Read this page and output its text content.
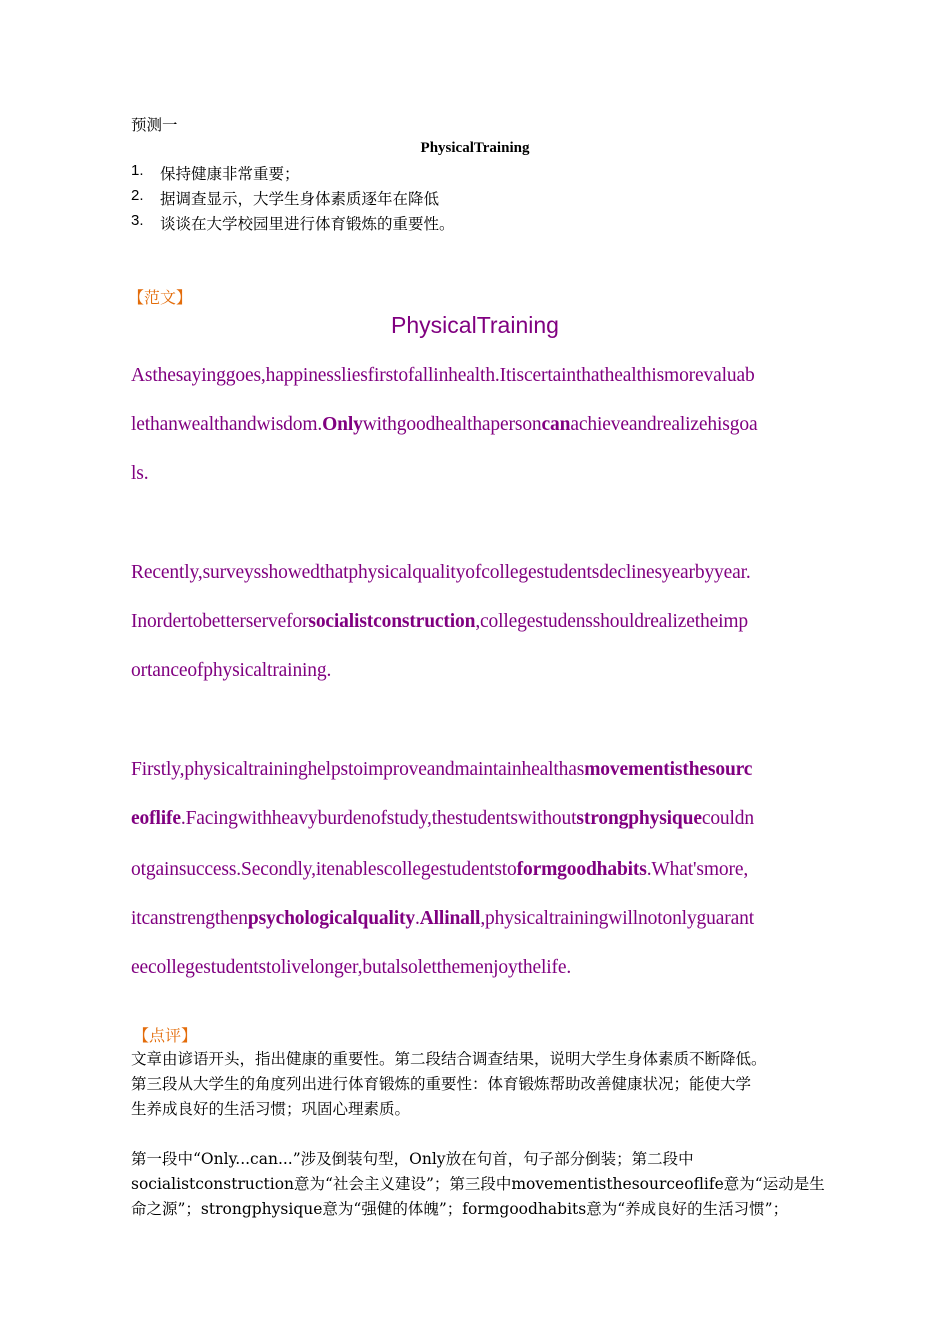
预测一
PhysicalTraining
1. 保持健康非常重要；
2. 据调查显示，大学生身体素质逐年在降低
3. 谈谈在大学校园里进行体育锻炼的重要性。
【范文】
PhysicalTraining
Asthesayinggoes,happinessliesfirstofallinhealth.Itiscertainthathealthismorevaluab
lethanwealthandwisdom.Onlywithgoodhealthapersoncanachieveandrealizehisgoa
ls.
Recently,surveysshowedthatphysicalqualityofcollegestudentsdeclinesyearbyyear.
Inordertobetterserveforsocialistconstruction,collegestudensshouldrealizetheimp
ortanceofphysicaltraining.
Firstly,physicaltraininghelpstoimproveandmaintainhealthasmovementisthesourc
eoflife.Facingwithheavyburdenofstudy,thestudentswithoutstrongphysiquecouldn
otgainsuccess.Secondly,itenablescollegestudentstoformgoodhabits.What'smore,
itcanstrengthenpsychologicalquality.Allinall,physicaltrainingwillnotonlyguarant
eecollegestudentstolivelonger,butalsoletthemenjoythelife.
【点评】
文章由谚语开头，指出健康的重要性。第二段结合调查结果，说明大学生身体素质不断降低。
第三段从大学生的角度列出进行体育锻炼的重要性：体育锻炼帮助改善健康状况；能使大学
生养成良好的生活习惯；巩固心理素质。
第一段中“Only...can...”涉及倒装句型，Only放在句首，句子部分倒装；第二段中
socialistconstruction意为“社会主义建设”；第三段中movementisthesourceoflife意为“运动是生
命之源”；strongphysique意为“强健的体魄”；formgoodhabits意为“养成良好的生活习惯”；
